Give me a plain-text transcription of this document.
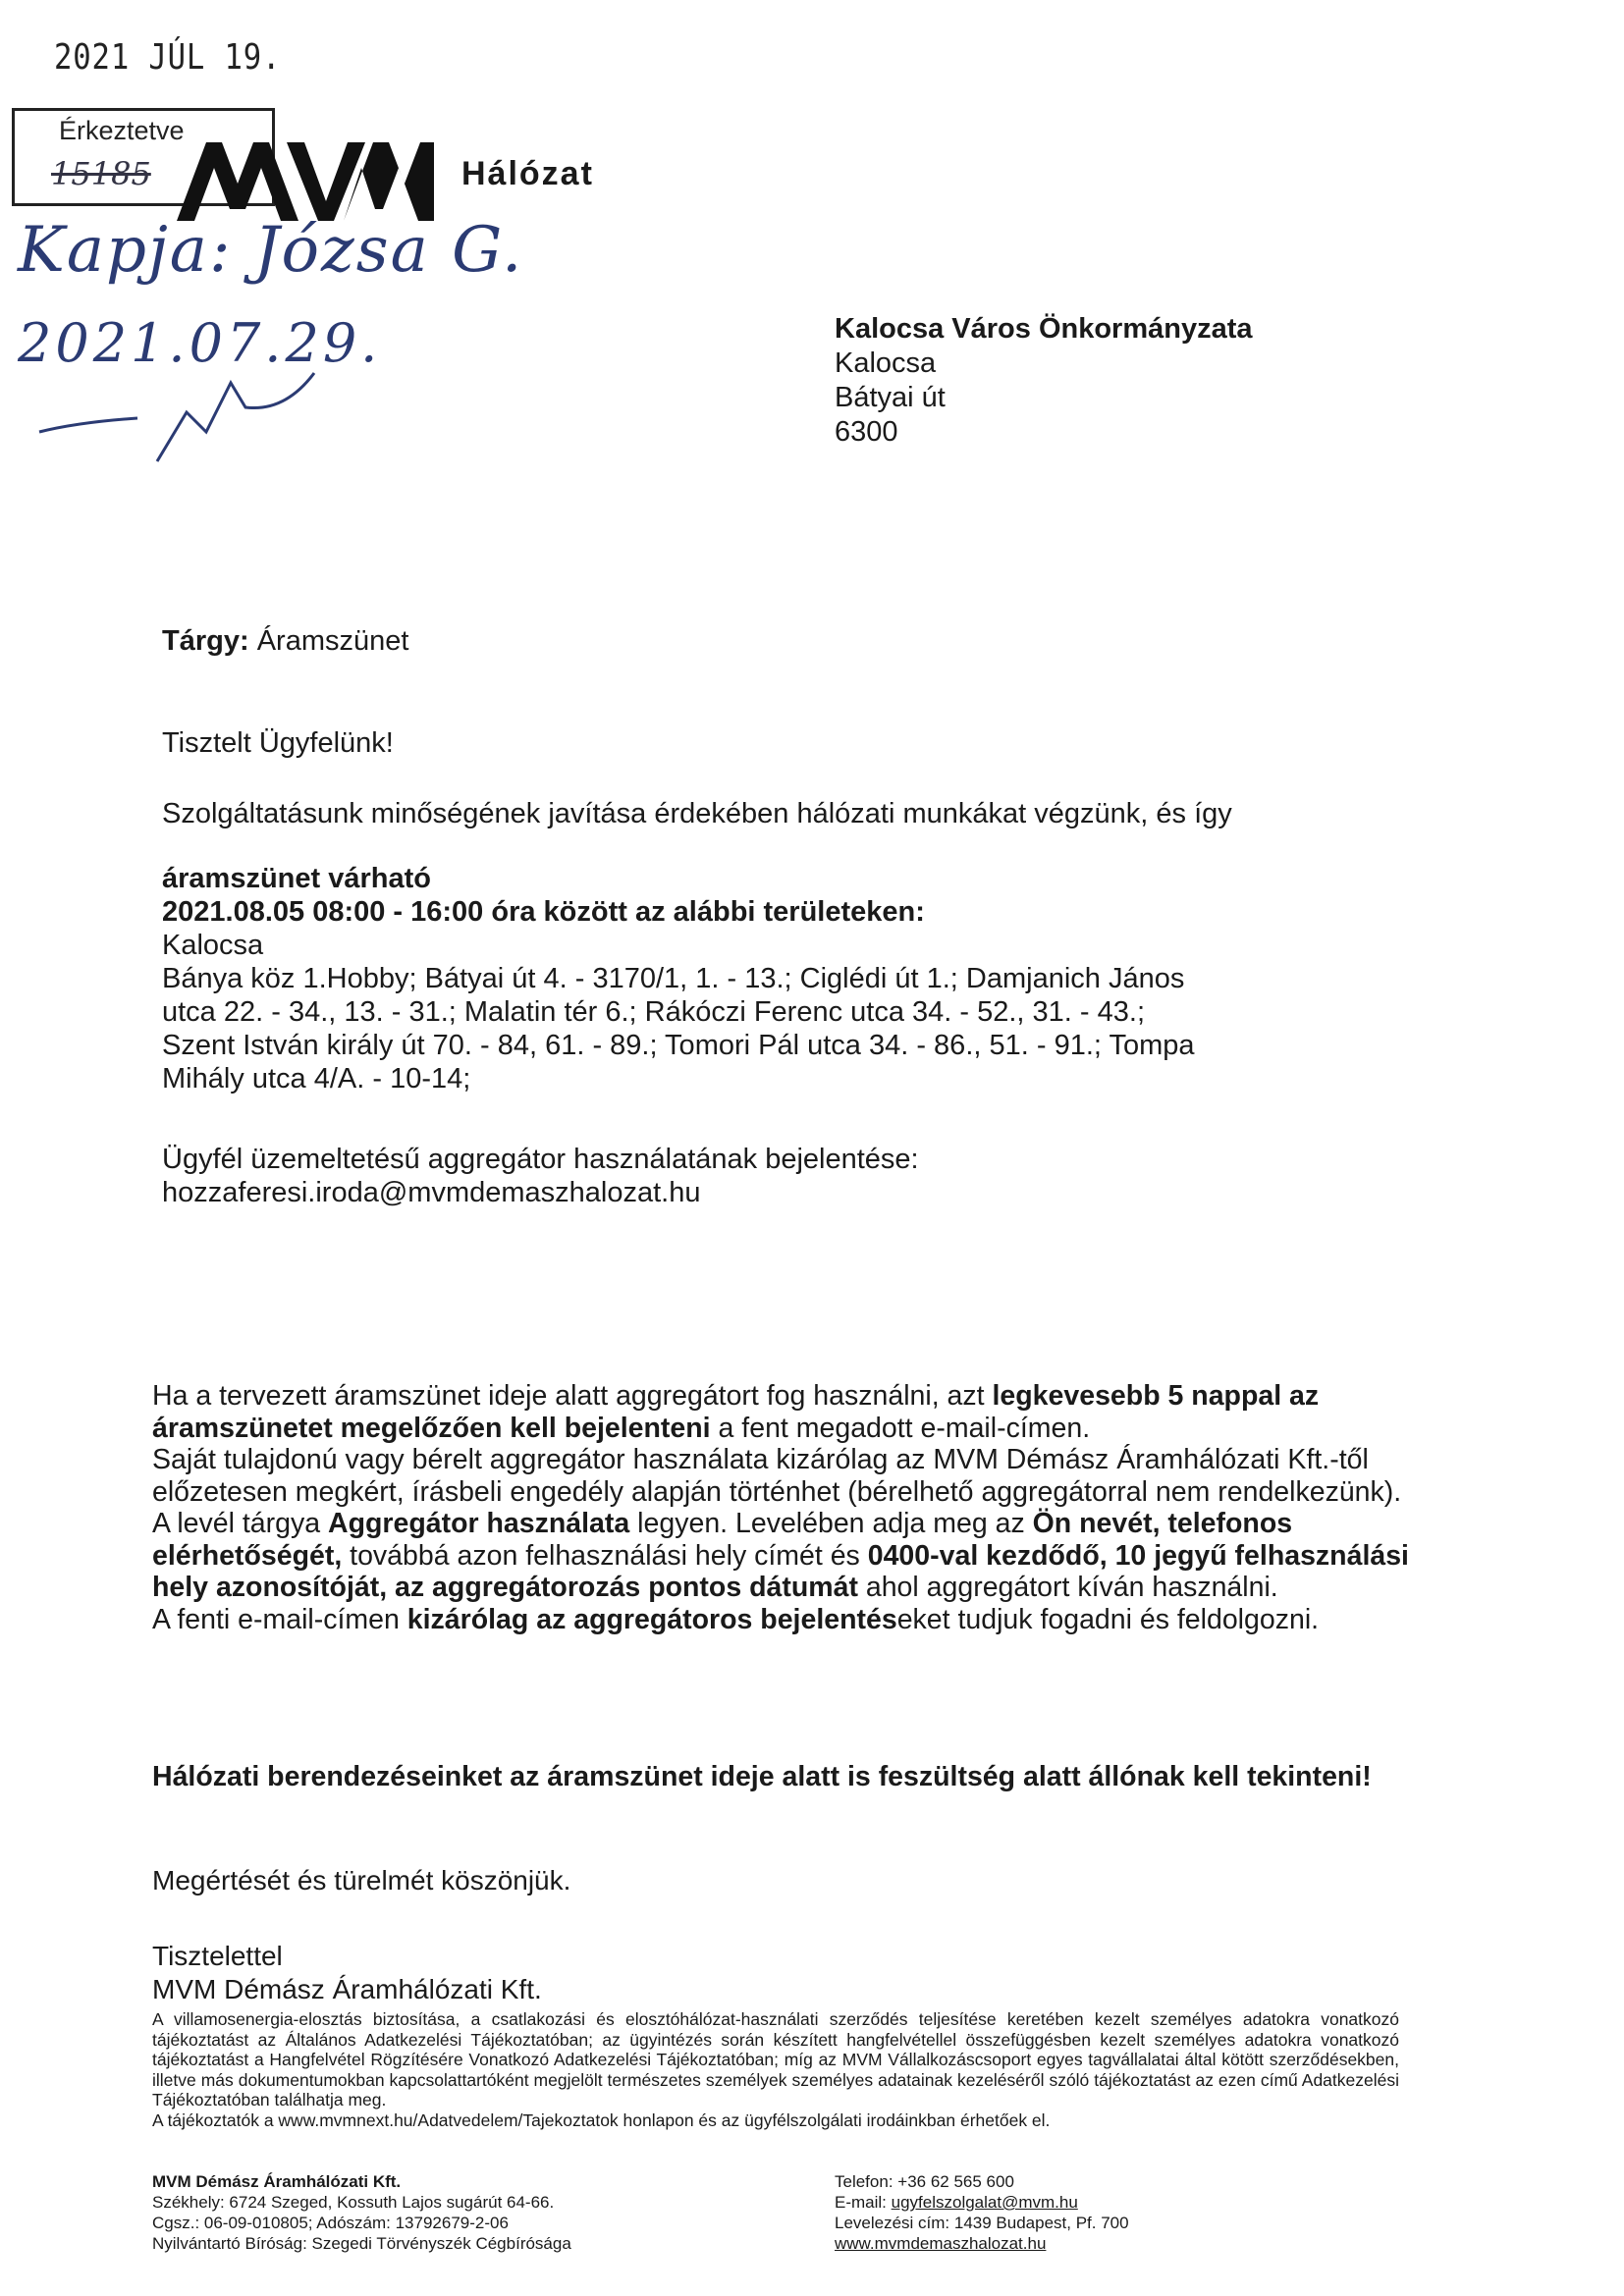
2021 JÚL 19.
Érkeztetve
15185	Hálózat
Kapja: Józsa G.
2021.07.29.	Kalocsa Város Önkormányzata
Kalocsa
Bátyai út
6300
Tárgy: Áramszünet
Tisztelt Ügyfelünk!
Szolgáltatásunk minőségének javítása érdekében hálózati munkákat végzünk, és így
áramszünet várható
2021.08.05 08:00 - 16:00 óra között az alábbi területeken:
Kalocsa
Bánya köz 1.Hobby; Bátyai út 4. - 3170/1, 1. - 13.; Ciglédi út 1.; Damjanich János utca 22. - 34., 13. - 31.; Malatin tér 6.; Rákóczi Ferenc utca 34. - 52., 31. - 43.; Szent István király út 70. - 84, 61. - 89.; Tomori Pál utca 34. - 86., 51. - 91.; Tompa Mihály utca 4/A. - 10-14;
Ügyfél üzemeltetésű aggregátor használatának bejelentése:
hozzaferesi.iroda@mvmdemaszhalozat.hu
Ha a tervezett áramszünet ideje alatt aggregátort fog használni, azt legkevesebb 5 nappal az áramszünetet megelőzően kell bejelenteni a fent megadott e-mail-címen.
Saját tulajdonú vagy bérelt aggregátor használata kizárólag az MVM Démász Áramhálózati Kft.-től előzetesen megkért, írásbeli engedély alapján történhet (bérelhető aggregátorral nem rendelkezünk).
A levél tárgya Aggregátor használata legyen. Levelében adja meg az Ön nevét, telefonos elérhetőségét, továbbá azon felhasználási hely címét és 0400-val kezdődő, 10 jegyű felhasználási hely azonosítóját, az aggregátorozás pontos dátumát ahol aggregátort kíván használni.
A fenti e-mail-címen kizárólag az aggregátoros bejelentéseket tudjuk fogadni és feldolgozni.
Hálózati berendezéseinket az áramszünet ideje alatt is feszültség alatt állónak kell tekinteni!
Megértését és türelmét köszönjük.
Tisztelettel
MVM Démász Áramhálózati Kft.
A villamosenergia-elosztás biztosítása, a csatlakozási és elosztóhálózat-használati szerződés teljesítése keretében kezelt személyes adatokra vonatkozó tájékoztatást az Általános Adatkezelési Tájékoztatóban; az ügyintézés során készített hangfelvétellel összefüggésben kezelt személyes adatokra vonatkozó tájékoztatást a Hangfelvétel Rögzítésére Vonatkozó Adatkezelési Tájékoztatóban; míg az MVM Vállalkozáscsoport egyes tagvállalatai által kötött szerződésekben, illetve más dokumentumokban kapcsolattartóként megjelölt természetes személyek személyes adatainak kezeléséről szóló tájékoztatást az ezen című Adatkezelési Tájékoztatóban találhatja meg.
A tájékoztatók a www.mvmnext.hu/Adatvedelem/Tajekoztatok honlapon és az ügyfélszolgálati irodáinkban érhetőek el.
MVM Démász Áramhálózati Kft.
Székhely: 6724 Szeged, Kossuth Lajos sugárút 64-66.
Cgsz.: 06-09-010805; Adószám: 13792679-2-06
Nyilvántartó Bíróság: Szegedi Törvényszék Cégbírósága
Telefon: +36 62 565 600
E-mail: ugyfelszolgalat@mvm.hu
Levelezési cím: 1439 Budapest, Pf. 700
www.mvmdemaszhalozat.hu
